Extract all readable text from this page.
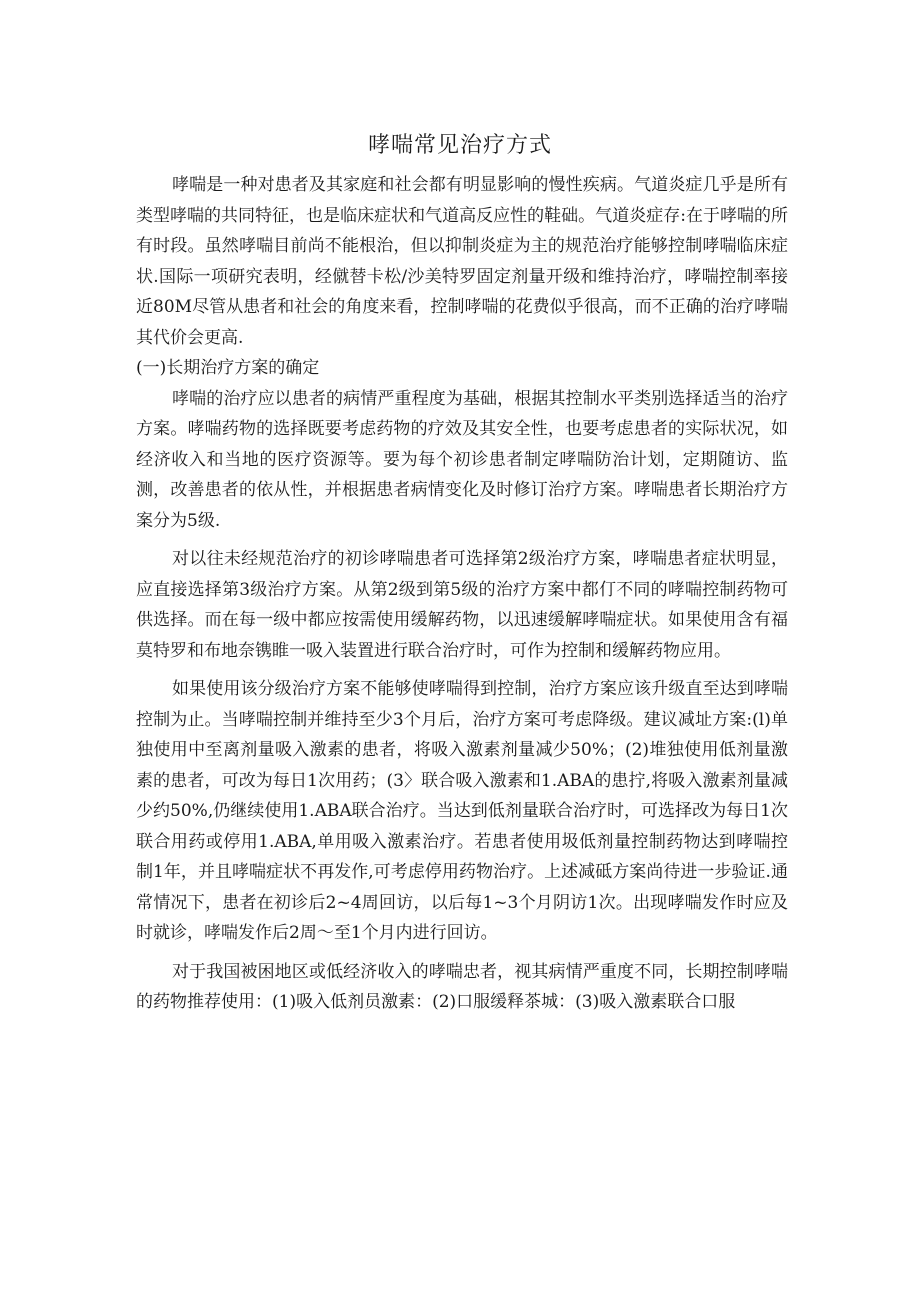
哮喘常见治疗方式

哮喘是一种对患者及其家庭和社会都有明显影响的慢性疾病。气道炎症几乎是所有类型哮喘的共同特征，也是临床症状和气道高反应性的鞋础。气道炎症存:在于哮喘的所有时段。虽然哮喘目前尚不能根治，但以抑制炎症为主的规范治疗能够控制哮喘临床症状.国际一项研究表明，经僦替卡松/沙美特罗固定剂量开级和维持治疗，哮喘控制率接近80M尽管从患者和社会的角度来看，控制哮喘的花费似乎很高，而不正确的治疗哮喘其代价会更高.

(一)长期治疗方案的确定

哮喘的治疗应以患者的病情严重程度为基础，根据其控制水平类别选择适当的治疗方案。哮喘药物的选择既要考虑药物的疗效及其安全性，也要考虑患者的实际状况，如经济收入和当地的医疗资源等。要为每个初诊患者制定哮喘防治计划，定期随访、监测，改善患者的依从性，并根据患者病情变化及时修订治疗方案。哮喘患者长期治疗方案分为5级.

对以往未经规范治疗的初诊哮喘患者可选择第2级治疗方案，哮喘患者症状明显，应直接选择第3级治疗方案。从第2级到第5级的治疗方案中都仃不同的哮喘控制药物可供选择。而在每一级中都应按需使用缓解药物，以迅速缓解哮喘症状。如果使用含有福莫特罗和布地奈镌睢一吸入装置进行联合治疗时，可作为控制和缓解药物应用。

如果使用该分级治疗方案不能够使哮喘得到控制，治疗方案应该升级直至达到哮喘控制为止。当哮喘控制并维持至少3个月后，治疗方案可考虑降级。建议减址方案:(l)单独使用中至离剂量吸入激素的患者，将吸入激素剂量减少50%；(2)堆独使用低剂量激素的患者，可改为每日1次用药；(3〉联合吸入激素和1.ABA的患拧,将吸入激素剂量减少约50%,仍继续使用1.ABA联合治疗。当达到低剂量联合治疗时，可选择改为每日1次联合用药或停用1.ABA,单用吸入激素治疗。若患者使用圾低剂量控制药物达到哮喘控制1年，并且哮喘症状不再发作,可考虑停用药物治疗。上述减砥方案尚待进一步验证.通常情况下，患者在初诊后2~4周回访，以后每1~3个月阴访1次。出现哮喘发作时应及时就诊，哮喘发作后2周〜至1个月内进行回访。

对于我国被困地区或低经济收入的哮喘忠者，视其病情严重度不同，长期控制哮喘的药物推荐使用：(1)吸入低剂员激素：(2)口服缓释茶城：(3)吸入激素联合口服
